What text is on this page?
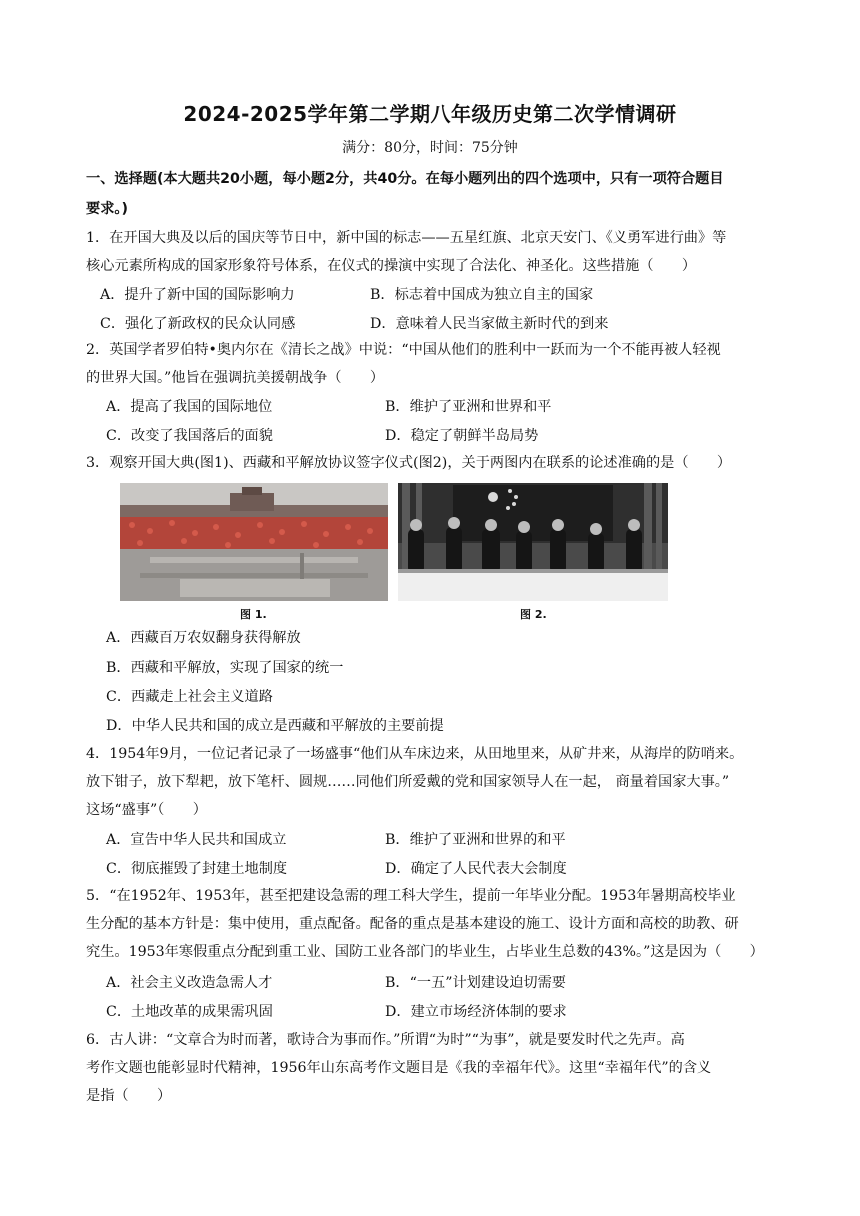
2024-2025学年第二学期八年级历史第二次学情调研
满分：80分，时间：75分钟
一、选择题(本大题共20小题，每小题2分，共40分。在每小题列出的四个选项中，只有一项符合题目
要求。)
1．在开国大典及以后的国庆等节日中，新中国的标志——五星红旗、北京天安门、《义勇军进行曲》等
核心元素所构成的国家形象符号体系，在仪式的操演中实现了合法化、神圣化。这些措施（　　）
A．提升了新中国的国际影响力	B．标志着中国成为独立自主的国家
C．强化了新政权的民众认同感	D．意味着人民当家做主新时代的到来
2．英国学者罗伯特•奥内尔在《清长之战》中说：“中国从他们的胜利中一跃而为一个不能再被人轻视
的世界大国。”他旨在强调抗美援朝战争（　　）
A．提高了我国的国际地位	B．维护了亚洲和世界和平
C．改变了我国落后的面貌	D．稳定了朝鲜半岛局势
3．观察开国大典(图1)、西藏和平解放协议签字仪式(图2)，关于两图内在联系的论述准确的是（　　）
图 1.	图 2.
A．西藏百万农奴翻身获得解放
B．西藏和平解放，实现了国家的统一
C．西藏走上社会主义道路
D．中华人民共和国的成立是西藏和平解放的主要前提
4．1954年9月，一位记者记录了一场盛事“他们从车床边来，从田地里来，从矿井来，从海岸的防哨来。
放下钳子，放下犁耙，放下笔杆、圆规……同他们所爱戴的党和国家领导人在一起， 商量着国家大事。”
这场“盛事”（　　）
A．宣告中华人民共和国成立	B．维护了亚洲和世界的和平
C．彻底摧毁了封建土地制度	D．确定了人民代表大会制度
5．“在1952年、1953年，甚至把建设急需的理工科大学生，提前一年毕业分配。1953年暑期高校毕业
生分配的基本方针是：集中使用，重点配备。配备的重点是基本建设的施工、设计方面和高校的助教、研
究生。1953年寒假重点分配到重工业、国防工业各部门的毕业生，占毕业生总数的43%。”这是因为（　　）
A．社会主义改造急需人才	B．“一五”计划建设迫切需要
C．土地改革的成果需巩固	D．建立市场经济体制的要求
6．古人讲：“文章合为时而著，歌诗合为事而作。”所谓“为时”“为事”，就是要发时代之先声。高
考作文题也能彰显时代精神，1956年山东高考作文题目是《我的幸福年代》。这里“幸福年代”的含义
是指（　　）
